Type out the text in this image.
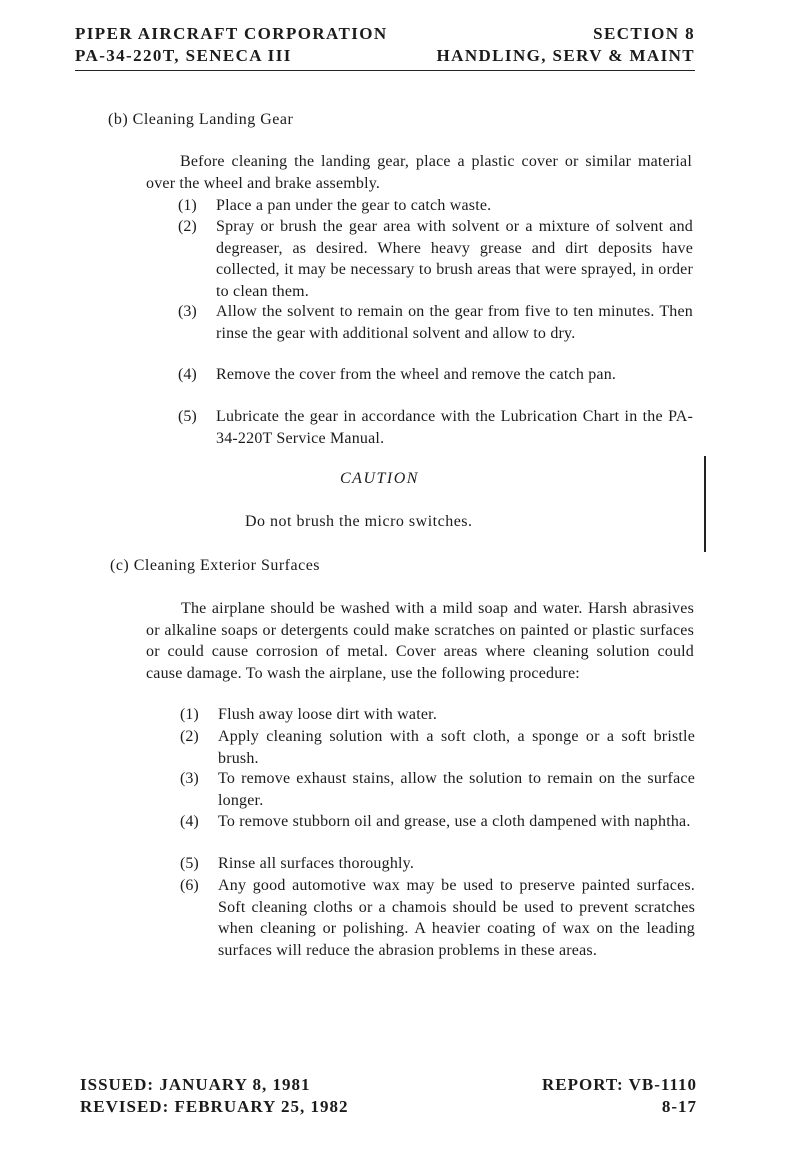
PIPER AIRCRAFT CORPORATION
PA-34-220T, SENECA III
SECTION 8
HANDLING, SERV & MAINT
(b) Cleaning Landing Gear
Before cleaning the landing gear, place a plastic cover or similar material over the wheel and brake assembly.
(1) Place a pan under the gear to catch waste.
(2) Spray or brush the gear area with solvent or a mixture of solvent and degreaser, as desired. Where heavy grease and dirt deposits have collected, it may be necessary to brush areas that were sprayed, in order to clean them.
(3) Allow the solvent to remain on the gear from five to ten minutes. Then rinse the gear with additional solvent and allow to dry.
(4) Remove the cover from the wheel and remove the catch pan.
(5) Lubricate the gear in accordance with the Lubrication Chart in the PA-34-220T Service Manual.
CAUTION
Do not brush the micro switches.
(c) Cleaning Exterior Surfaces
The airplane should be washed with a mild soap and water. Harsh abrasives or alkaline soaps or detergents could make scratches on painted or plastic surfaces or could cause corrosion of metal. Cover areas where cleaning solution could cause damage. To wash the airplane, use the following procedure:
(1) Flush away loose dirt with water.
(2) Apply cleaning solution with a soft cloth, a sponge or a soft bristle brush.
(3) To remove exhaust stains, allow the solution to remain on the surface longer.
(4) To remove stubborn oil and grease, use a cloth dampened with naphtha.
(5) Rinse all surfaces thoroughly.
(6) Any good automotive wax may be used to preserve painted surfaces. Soft cleaning cloths or a chamois should be used to prevent scratches when cleaning or polishing. A heavier coating of wax on the leading surfaces will reduce the abrasion problems in these areas.
ISSUED: JANUARY 8, 1981
REVISED: FEBRUARY 25, 1982
REPORT: VB-1110
8-17
